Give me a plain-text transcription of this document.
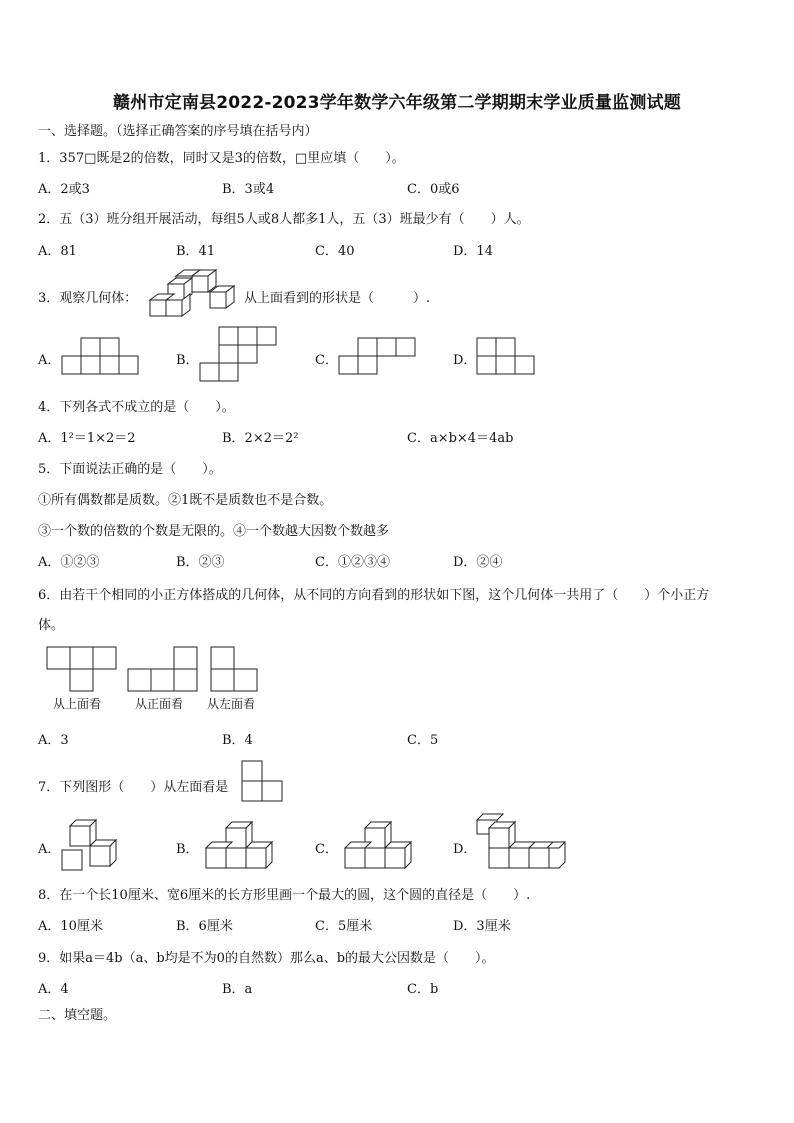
赣州市定南县2022-2023学年数学六年级第二学期期末学业质量监测试题
一、选择题。（选择正确答案的序号填在括号内）
1．357□既是2的倍数，同时又是3的倍数，□里应填（　　）。
A．2或3	B．3或4	C．0或6
2．五（3）班分组开展活动，每组5人或8人都多1人，五（3）班最少有（　　）人。
A．81	B．41	C．40	D．14
3．观察几何体：	从上面看到的形状是（　　　）.
A．	B．	C．	D．
4．下列各式不成立的是（　　）。
A．1²＝1×2＝2	B．2×2＝2²	C．a×b×4＝4ab
5．下面说法正确的是（　　）。
①所有偶数都是质数。②1既不是质数也不是合数。
③一个数的倍数的个数是无限的。④一个数越大因数个数越多
A．①②③	B．②③	C．①②③④	D．②④
6．由若干个相同的小正方体搭成的几何体，从不同的方向看到的形状如下图，这个几何体一共用了（　　）个小正方
体。
从上面看	从正面看 从左面看
A．3	B．4	C．5
7．下列图形（　　）从左面看是
A．	B．	C．	D．
8．在一个长10厘米、宽6厘米的长方形里画一个最大的圆，这个圆的直径是（　　）.
A．10厘米	B．6厘米	C．5厘米	D．3厘米
9．如果a＝4b（a、b均是不为0的自然数）那么a、b的最大公因数是（　　）。
A．4	B．a	C．b
二、填空题。
